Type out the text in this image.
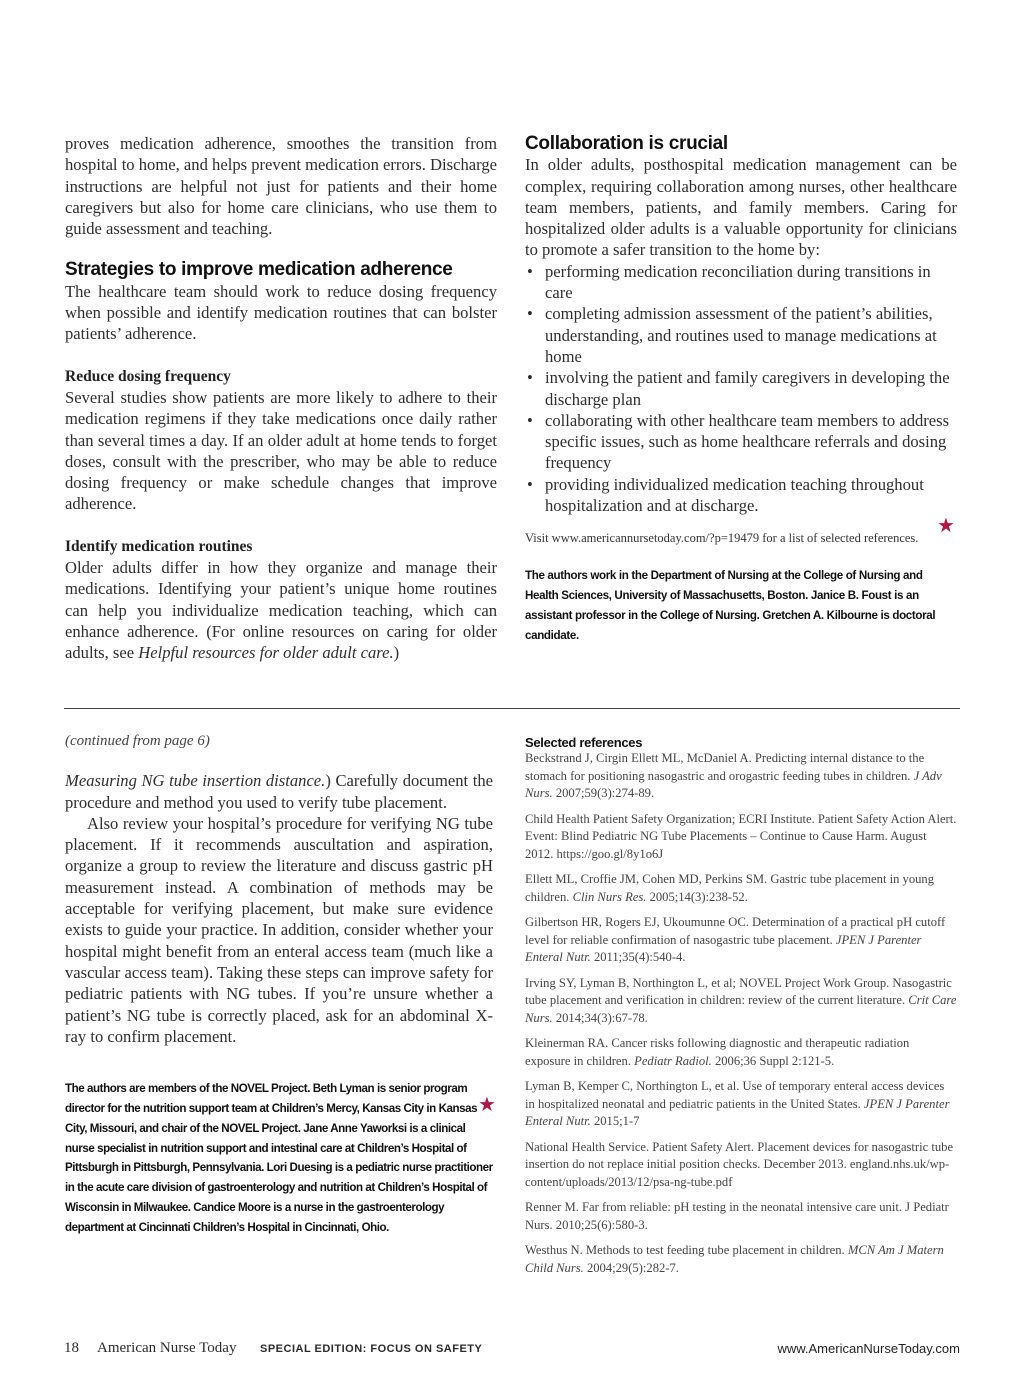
proves medication adherence, smoothes the transition from hospital to home, and helps prevent medication errors. Discharge instructions are helpful not just for patients and their home caregivers but also for home care clinicians, who use them to guide assessment and teaching.

Strategies to improve medication adherence

The healthcare team should work to reduce dosing frequency when possible and identify medication routines that can bolster patients’ adherence.

Reduce dosing frequency

Several studies show patients are more likely to adhere to their medication regimens if they take medications once daily rather than several times a day. If an older adult at home tends to forget doses, consult with the prescriber, who may be able to reduce dosing frequency or make schedule changes that improve adherence.

Identify medication routines

Older adults differ in how they organize and manage their medications. Identifying your patient’s unique home routines can help you individualize medication teaching, which can enhance adherence. (For online resources on caring for older adults, see Helpful resources for older adult care.)

Collaboration is crucial

In older adults, posthospital medication management can be complex, requiring collaboration among nurses, other healthcare team members, patients, and family members. Caring for hospitalized older adults is a valuable opportunity for clinicians to promote a safer transition to the home by:

• performing medication reconciliation during transitions in care
• completing admission assessment of the patient’s abilities, understanding, and routines used to manage medications at home
• involving the patient and family caregivers in developing the discharge plan
• collaborating with other healthcare team members to address specific issues, such as home healthcare referrals and dosing frequency
• providing individualized medication teaching throughout hospitalization and at discharge.

Visit www.americannursetoday.com/?p=19479 for a list of selected references.

The authors work in the Department of Nursing at the College of Nursing and Health Sciences, University of Massachusetts, Boston. Janice B. Foust is an assistant professor in the College of Nursing. Gretchen A. Kilbourne is doctoral candidate.

★

(continued from page 6)

Measuring NG tube insertion distance.) Carefully document the procedure and method you used to verify tube placement.

Also review your hospital’s procedure for verifying NG tube placement. If it recommends auscultation and aspiration, organize a group to review the literature and discuss gastric pH measurement instead. A combination of methods may be acceptable for verifying placement, but make sure evidence exists to guide your practice. In addition, consider whether your hospital might benefit from an enteral access team (much like a vascular access team). Taking these steps can improve safety for pediatric patients with NG tubes. If you’re unsure whether a patient’s NG tube is correctly placed, ask for an abdominal X-ray to confirm placement.

The authors are members of the NOVEL Project. Beth Lyman is senior program director for the nutrition support team at Children’s Mercy, Kansas City in Kansas City, Missouri, and chair of the NOVEL Project. Jane Anne Yaworksi is a clinical nurse specialist in nutrition support and intestinal care at Children’s Hospital of Pittsburgh in Pittsburgh, Pennsylvania. Lori Duesing is a pediatric nurse practitioner in the acute care division of gastroenterology and nutrition at Children’s Hospital of Wisconsin in Milwaukee. Candice Moore is a nurse in the gastroenterology department at Cincinnati Children’s Hospital in Cincinnati, Ohio.

★
Selected references

Beckstrand J, Cirgin Ellett ML, McDaniel A. Predicting internal distance to the stomach for positioning nasogastric and orogastric feeding tubes in children. J Adv Nurs. 2007;59(3):274-89.

Child Health Patient Safety Organization; ECRI Institute. Patient Safety Action Alert. Event: Blind Pediatric NG Tube Placements – Continue to Cause Harm. August 2012. https://goo.gl/8y1o6J

Ellett ML, Croffie JM, Cohen MD, Perkins SM. Gastric tube placement in young children. Clin Nurs Res. 2005;14(3):238-52.

Gilbertson HR, Rogers EJ, Ukoumunne OC. Determination of a practical pH cutoff level for reliable confirmation of nasogastric tube placement. JPEN J Parenter Enteral Nutr. 2011;35(4):540-4.

Irving SY, Lyman B, Northington L, et al; NOVEL Project Work Group. Nasogastric tube placement and verification in children: review of the current literature. Crit Care Nurs. 2014;34(3):67-78.

Kleinerman RA. Cancer risks following diagnostic and therapeutic radiation exposure in children. Pediatr Radiol. 2006;36 Suppl 2:121-5.

Lyman B, Kemper C, Northington L, et al. Use of temporary enteral access devices in hospitalized neonatal and pediatric patients in the United States. JPEN J Parenter Enteral Nutr. 2015;1-7

National Health Service. Patient Safety Alert. Placement devices for nasogastric tube insertion do not replace initial position checks. December 2013. england.nhs.uk/wp-content/uploads/2013/12/psa-ng-tube.pdf

Renner M. Far from reliable: pH testing in the neonatal intensive care unit. J Pediatr Nurs. 2010;25(6):580-3.

Westhus N. Methods to test feeding tube placement in children. MCN Am J Matern Child Nurs. 2004;29(5):282-7.

18 American Nurse Today SPECIAL EDITION: FOCUS ON SAFETY	www.AmericanNurseToday.com
